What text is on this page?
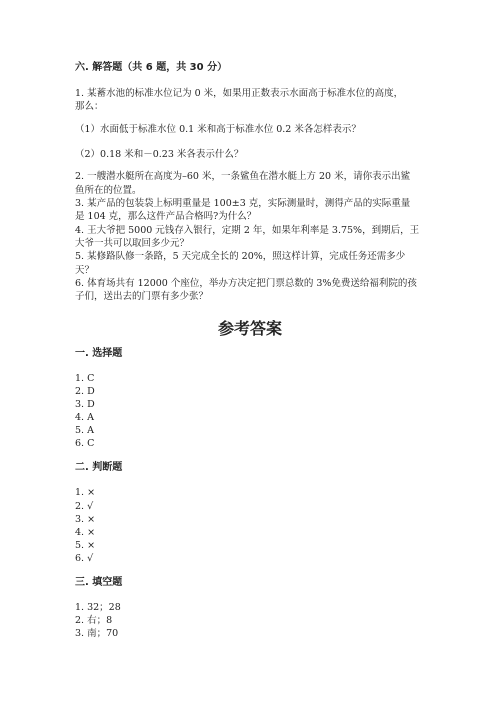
六. 解答题（共 6 题，共 30 分）
1. 某蓄水池的标准水位记为 0 米，如果用正数表示水面高于标准水位的高度，
那么：
（1）水面低于标准水位 0.1 米和高于标准水位 0.2 米各怎样表示？
（2）0.18 米和－0.23 米各表示什么？
2. 一艘潜水艇所在高度为–60 米，一条鲨鱼在潜水艇上方 20 米，请你表示出鲨
鱼所在的位置。
3. 某产品的包装袋上标明重量是 100±3 克，实际测量时，测得产品的实际重量
是 104 克，那么这件产品合格吗?为什么？
4. 王大爷把 5000 元钱存入银行，定期 2 年，如果年利率是 3.75%，到期后，王
大爷一共可以取回多少元？
5. 某修路队修一条路，5 天完成全长的 20%，照这样计算，完成任务还需多少
天？
6. 体育场共有 12000 个座位，举办方决定把门票总数的 3%免费送给福利院的孩
子们，送出去的门票有多少张？
参考答案
一. 选择题
1. C
2. D
3. D
4. A
5. A
6. C
二. 判断题
1. ×
2. √
3. ×
4. ×
5. ×
6. √
三. 填空题
1. 32；28
2. 右；8
3. 南；70
